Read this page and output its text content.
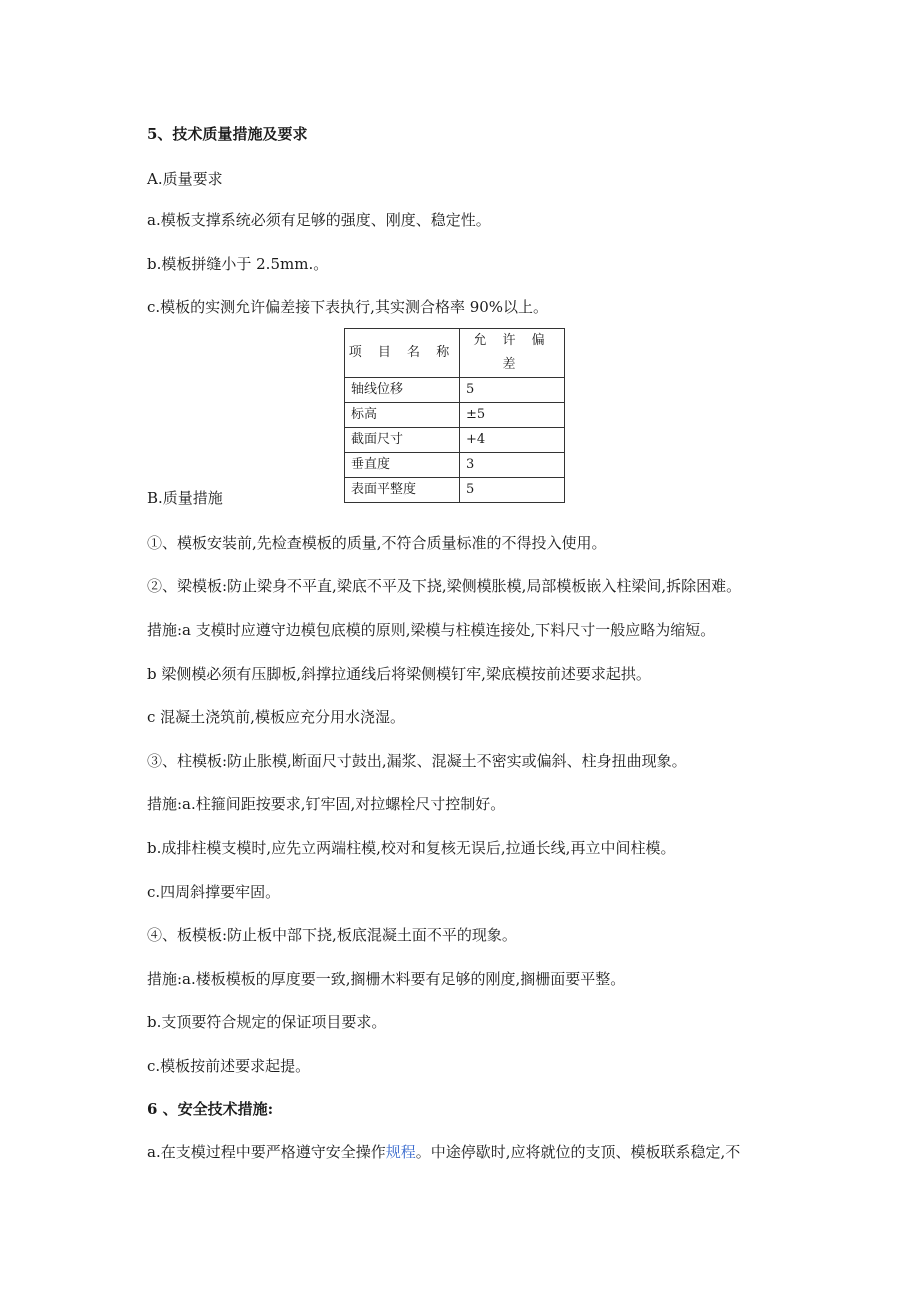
5、技术质量措施及要求

A.质量要求

a.模板支撑系统必须有足够的强度、刚度、稳定性。

b.模板拼缝小于 2.5mm.。

c.模板的实测允许偏差接下表执行,其实测合格率 90%以上。

项 目 名 称	允 许 偏 差
轴线位移	5
标高	±5
截面尺寸	+4
垂直度	3
表面平整度	5

B.质量措施

①、模板安装前,先检查模板的质量,不符合质量标准的不得投入使用。

②、梁模板:防止梁身不平直,梁底不平及下挠,梁侧模胀模,局部模板嵌入柱梁间,拆除困难。

措施:a 支模时应遵守边模包底模的原则,梁模与柱模连接处,下料尺寸一般应略为缩短。

b 梁侧模必须有压脚板,斜撑拉通线后将梁侧模钉牢,梁底模按前述要求起拱。

c 混凝土浇筑前,模板应充分用水浇湿。

③、柱模板:防止胀模,断面尺寸鼓出,漏浆、混凝土不密实或偏斜、柱身扭曲现象。

措施:a.柱箍间距按要求,钉牢固,对拉螺栓尺寸控制好。

b.成排柱模支模时,应先立两端柱模,校对和复核无误后,拉通长线,再立中间柱模。

c.四周斜撑要牢固。

④、板模板:防止板中部下挠,板底混凝土面不平的现象。

措施:a.楼板模板的厚度要一致,搁栅木料要有足够的刚度,搁栅面要平整。

b.支顶要符合规定的保证项目要求。

c.模板按前述要求起提。

6 、安全技术措施:

a.在支模过程中要严格遵守安全操作规程。中途停歇时,应将就位的支顶、模板联系稳定,不
